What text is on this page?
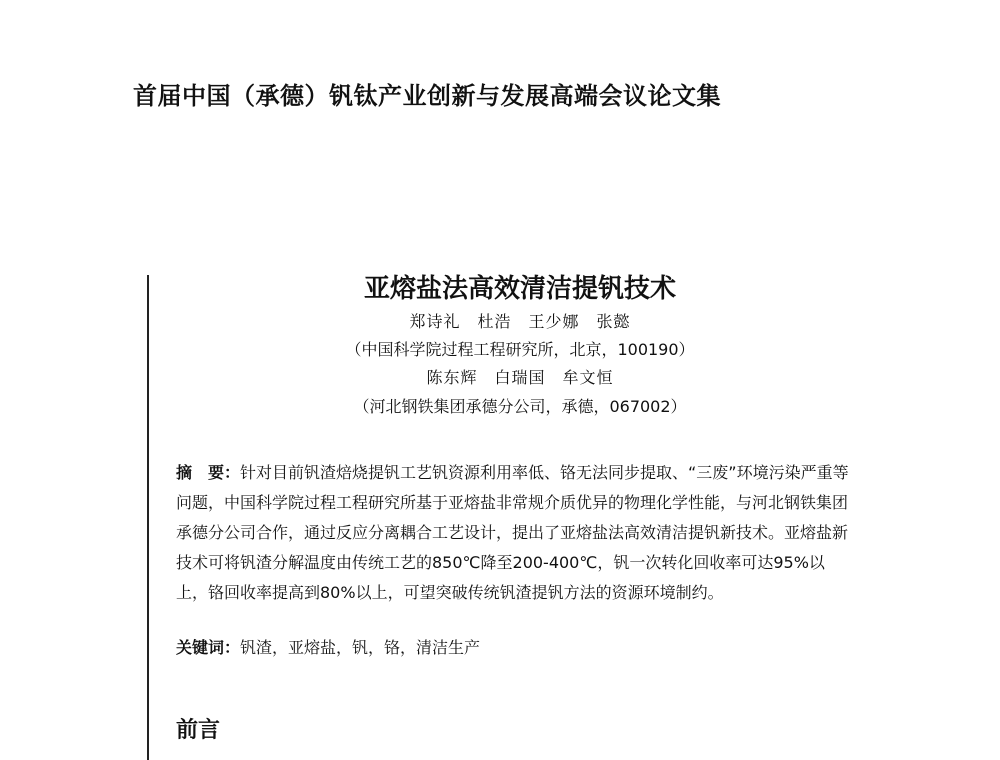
首届中国（承德）钒钛产业创新与发展高端会议论文集
亚熔盐法高效清洁提钒技术
郑诗礼　杜浩　王少娜　张懿
（中国科学院过程工程研究所，北京，100190）
陈东辉　白瑞国　牟文恒
（河北钢铁集团承德分公司，承德，067002）
摘　要：针对目前钒渣焙烧提钒工艺钒资源利用率低、铬无法同步提取、“三废”环境污染严重等问题，中国科学院过程工程研究所基于亚熔盐非常规介质优异的物理化学性能，与河北钢铁集团承德分公司合作，通过反应分离耦合工艺设计，提出了亚熔盐法高效清洁提钒新技术。亚熔盐新技术可将钒渣分解温度由传统工艺的850℃降至200-400℃，钒一次转化回收率可达95%以上，铬回收率提高到80%以上，可望突破传统钒渣提钒方法的资源环境制约。
关键词：钒渣，亚熔盐，钒，铬，清洁生产
前言
